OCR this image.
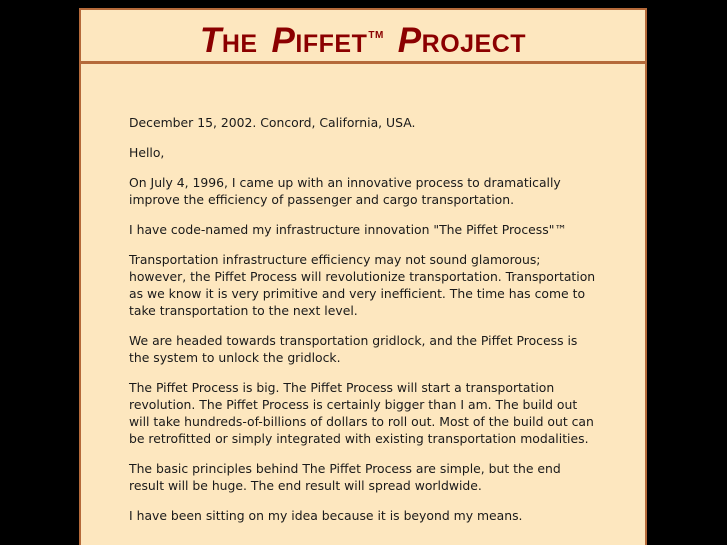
THE PIFFET™ PROJECT

December 15, 2002. Concord, California, USA.

Hello,

On July 4, 1996, I came up with an innovative process to dramatically improve the efficiency of passenger and cargo transportation.

I have code-named my infrastructure innovation "The Piffet Process"™

Transportation infrastructure efficiency may not sound glamorous; however, the Piffet Process will revolutionize transportation. Transportation as we know it is very primitive and very inefficient. The time has come to take transportation to the next level.

We are headed towards transportation gridlock, and the Piffet Process is the system to unlock the gridlock.

The Piffet Process is big. The Piffet Process will start a transportation revolution. The Piffet Process is certainly bigger than I am. The build out will take hundreds-of-billions of dollars to roll out. Most of the build out can be retrofitted or simply integrated with existing transportation modalities.

The basic principles behind The Piffet Process are simple, but the end result will be huge. The end result will spread worldwide.

I have been sitting on my idea because it is beyond my means.
